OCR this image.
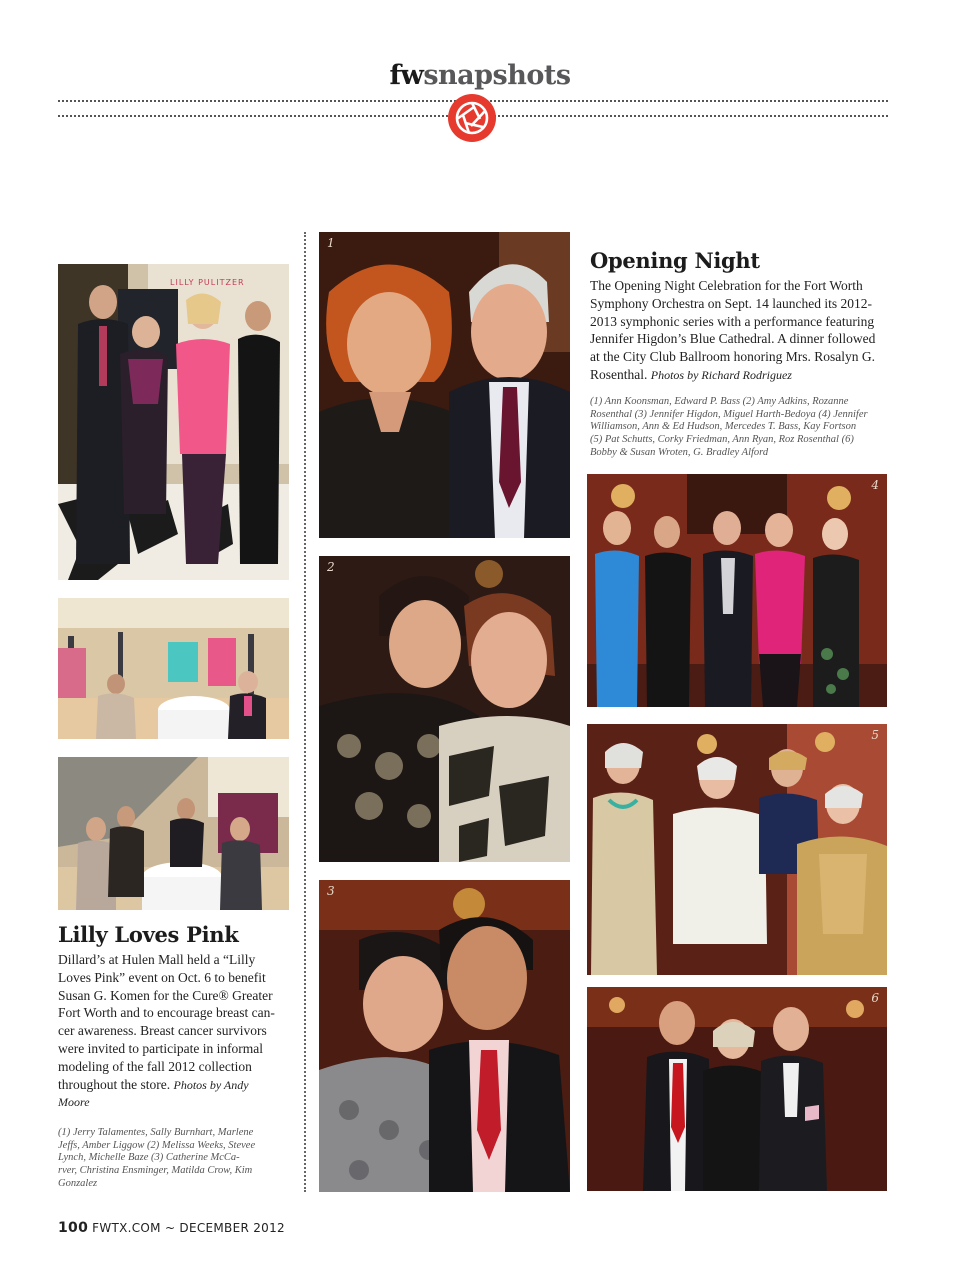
fwsnapshots
LILLY PULITZER
Lilly Loves Pink
Dillard’s at Hulen Mall held a “Lilly
Loves Pink” event on Oct. 6 to benefit
Susan G. Komen for the Cure® Greater
Fort Worth and to encourage breast can-
cer awareness. Breast cancer survivors
were invited to participate in informal
modeling of the fall 2012 collection
throughout the store. Photos by Andy
Moore
(1) Jerry Talamentes, Sally Burnhart, Marlene
Jeffs, Amber Liggow (2) Melissa Weeks, Stevee
Lynch, Michelle Baze (3) Catherine McCa-
rver, Christina Ensminger, Matilda Crow, Kim
Gonzalez
1
2
3
Opening Night
The Opening Night Celebration for the Fort Worth
Symphony Orchestra on Sept. 14 launched its 2012-
2013 symphonic series with a performance featuring
Jennifer Higdon’s Blue Cathedral. A dinner followed
at the City Club Ballroom honoring Mrs. Rosalyn G.
Rosenthal. Photos by Richard Rodriguez
(1) Ann Koonsman, Edward P. Bass (2) Amy Adkins, Rozanne
Rosenthal (3) Jennifer Higdon, Miguel Harth-Bedoya (4) Jennifer
Williamson, Ann & Ed Hudson, Mercedes T. Bass, Kay Fortson
(5) Pat Schutts, Corky Friedman, Ann Ryan, Roz Rosenthal (6)
Bobby & Susan Wroten, G. Bradley Alford
4
5
6
100 FWTX.COM ~ DECEMBER 2012
